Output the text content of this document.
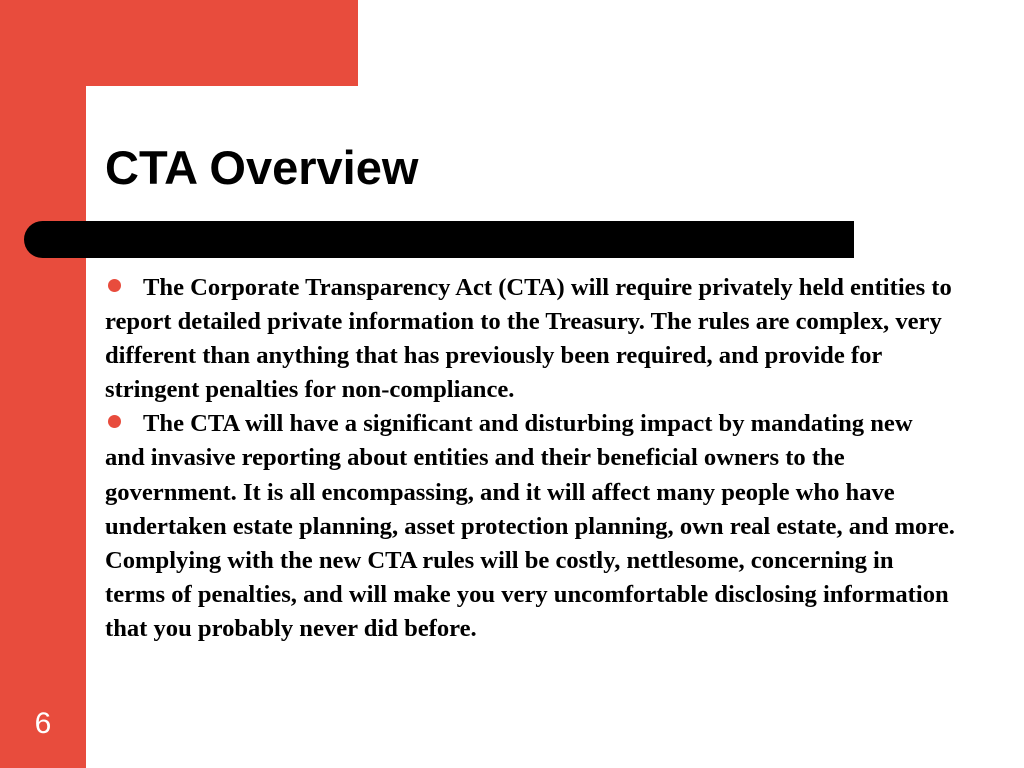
CTA Overview

The Corporate Transparency Act (CTA) will require privately held entities to report detailed private information to the Treasury. The rules are complex, very different than anything that has previously been required, and provide for stringent penalties for non-compliance.

The CTA will have a significant and disturbing impact by mandating new and invasive reporting about entities and their beneficial owners to the government. It is all encompassing, and it will affect many people who have undertaken estate planning, asset protection planning, own real estate, and more. Complying with the new CTA rules will be costly, nettlesome, concerning in terms of penalties, and will make you very uncomfortable disclosing information that you probably never did before.

6
